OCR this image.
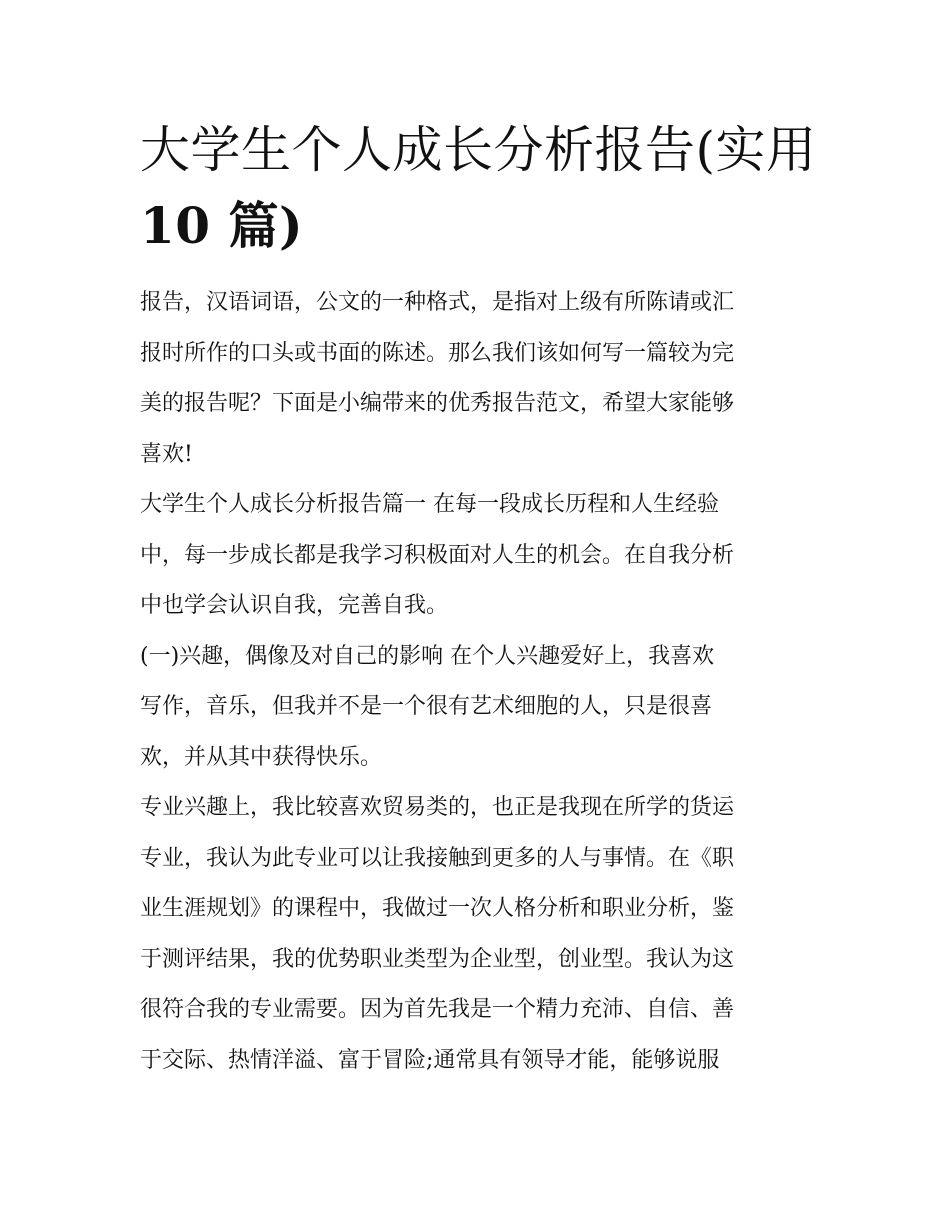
大学生个人成长分析报告(实用
10 篇)
报告，汉语词语，公文的一种格式，是指对上级有所陈请或汇
报时所作的口头或书面的陈述。那么我们该如何写一篇较为完
美的报告呢？下面是小编带来的优秀报告范文，希望大家能够
喜欢!
大学生个人成长分析报告篇一 在每一段成长历程和人生经验
中，每一步成长都是我学习积极面对人生的机会。在自我分析
中也学会认识自我，完善自我。
(一)兴趣，偶像及对自己的影响 在个人兴趣爱好上，我喜欢
写作，音乐，但我并不是一个很有艺术细胞的人，只是很喜
欢，并从其中获得快乐。
专业兴趣上，我比较喜欢贸易类的，也正是我现在所学的货运
专业，我认为此专业可以让我接触到更多的人与事情。在《职
业生涯规划》的课程中，我做过一次人格分析和职业分析，鉴
于测评结果，我的优势职业类型为企业型，创业型。我认为这
很符合我的专业需要。因为首先我是一个精力充沛、自信、善
于交际、热情洋溢、富于冒险;通常具有领导才能，能够说服
